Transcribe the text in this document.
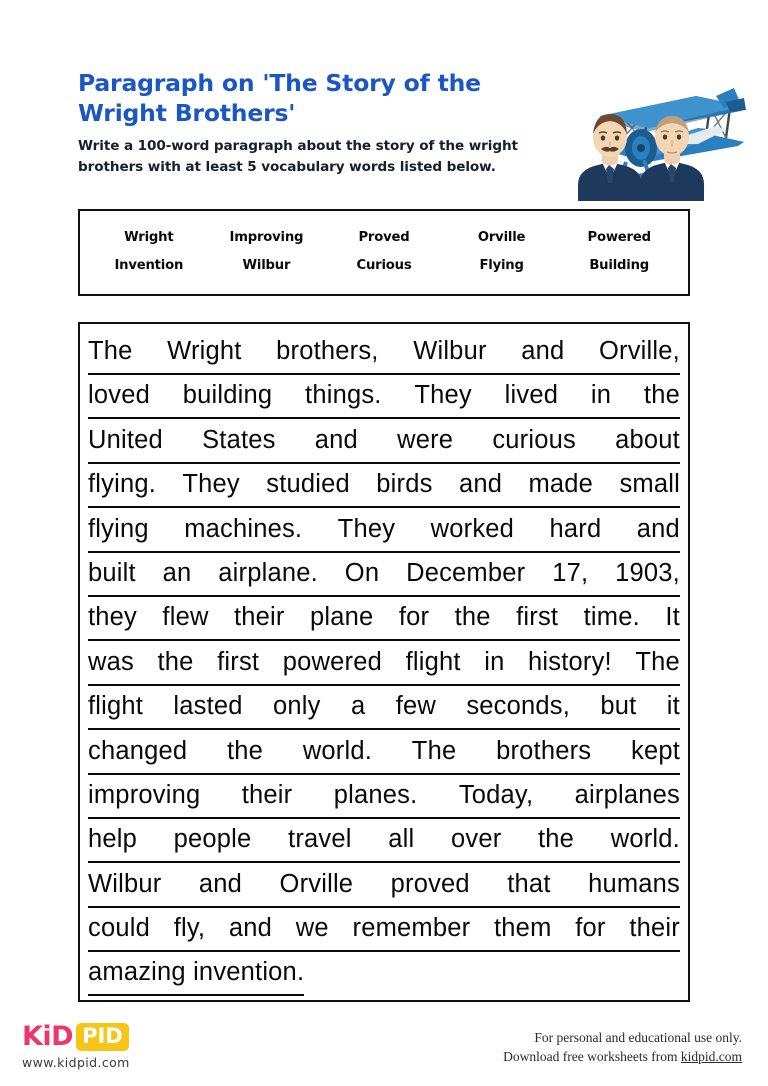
Paragraph on 'The Story of the Wright Brothers'
Write a 100-word paragraph about the story of the wright brothers with at least 5 vocabulary words listed below.
Wright	Improving	Proved	Orville	Powered
Invention	Wilbur	Curious	Flying	Building
The Wright brothers, Wilbur and Orville,
loved building things. They lived in the
United States and were curious about
flying. They studied birds and made small
flying machines. They worked hard and
built an airplane. On December 17, 1903,
they flew their plane for the first time. It
was the first powered flight in history! The
flight lasted only a few seconds, but it
changed the world. The brothers kept
improving their planes. Today, airplanes
help people travel all over the world.
Wilbur and Orville proved that humans
could fly, and we remember them for their
amazing invention.
KiD PID
www.kidpid.com
For personal and educational use only.
Download free worksheets from kidpid.com
